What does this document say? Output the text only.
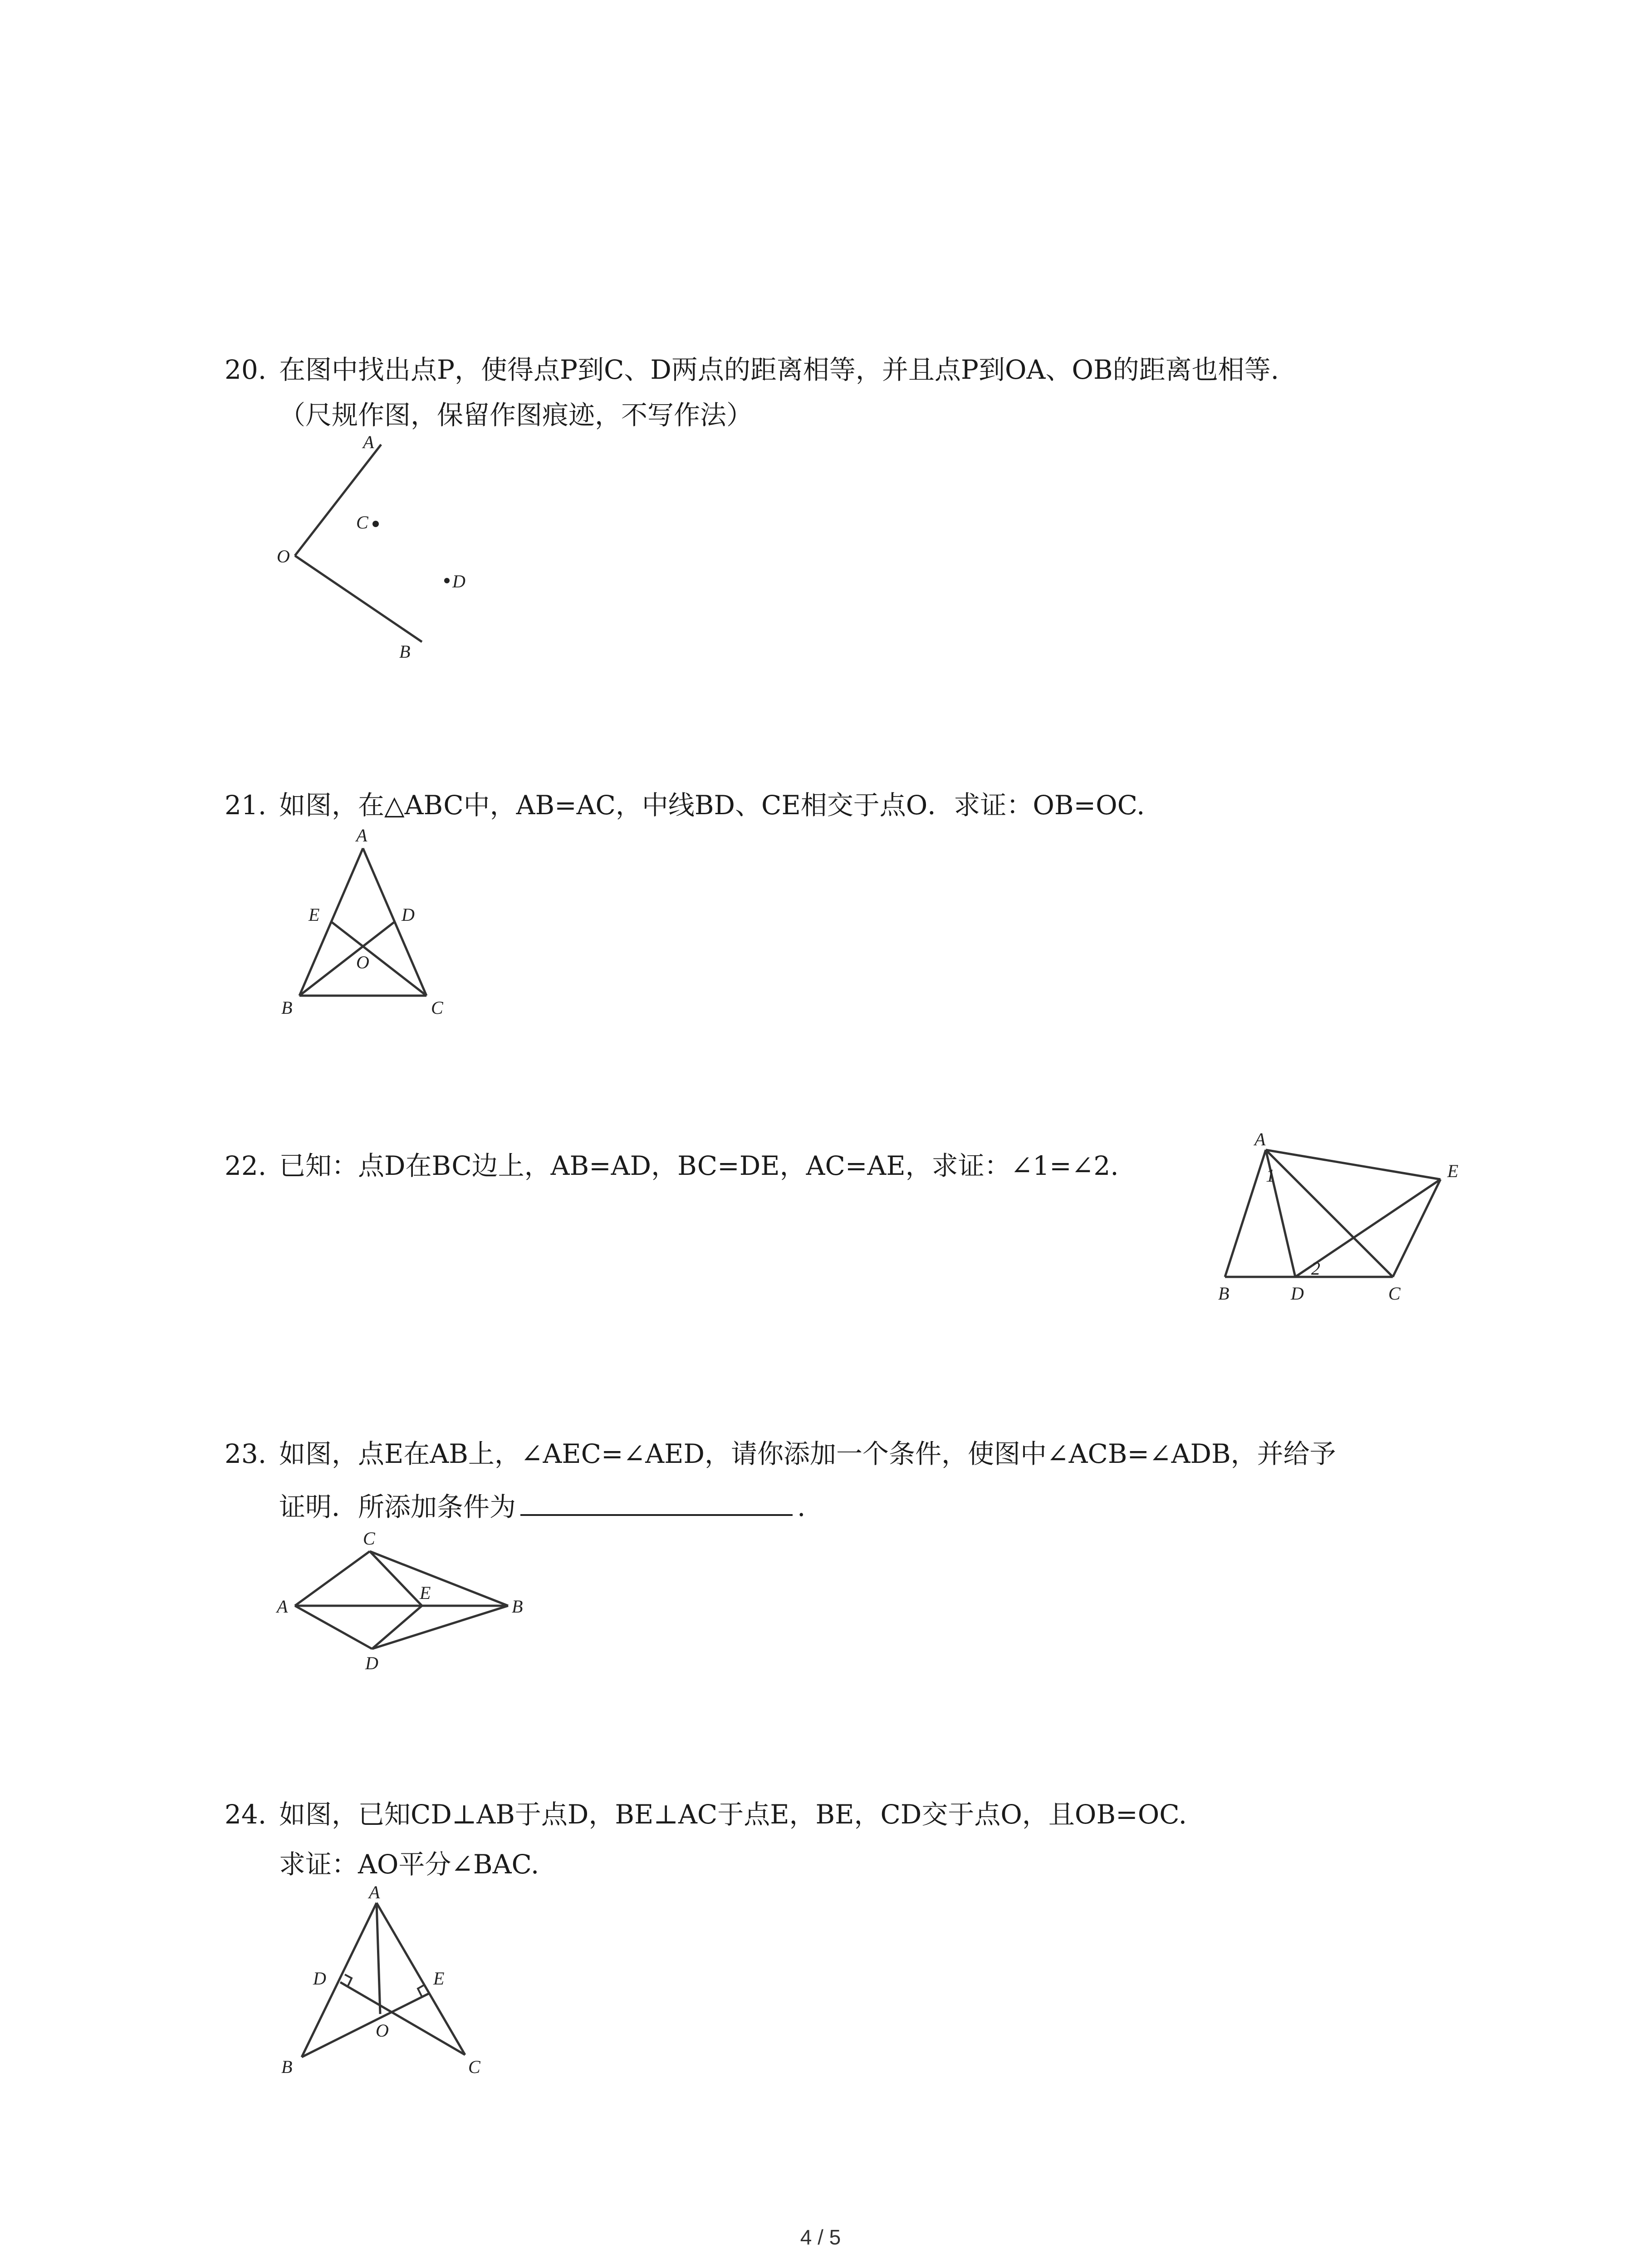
20. 在图中找出点P，使得点P到C、D两点的距离相等，并且点P到OA、OB的距离也相等.
（尺规作图，保留作图痕迹，不写作法）
A
O
B
C
D
21. 如图，在△ABC中，AB=AC，中线BD、CE相交于点O．求证：OB=OC.
A
E	D
O
B	C
22. 已知：点D在BC边上，AB=AD，BC=DE，AC=AE，求证：∠1=∠2.
A
1	E
2
B	D	C
23. 如图，点E在AB上，∠AEC=∠AED，请你添加一个条件，使图中∠ACB=∠ADB，并给予
证明．所添加条件为	.
C
A
E
B
D
24. 如图，已知CD⊥AB于点D，BE⊥AC于点E，BE，CD交于点O，且OB=OC.
求证：AO平分∠BAC.
A
D	E
O
B	C
4 / 5
